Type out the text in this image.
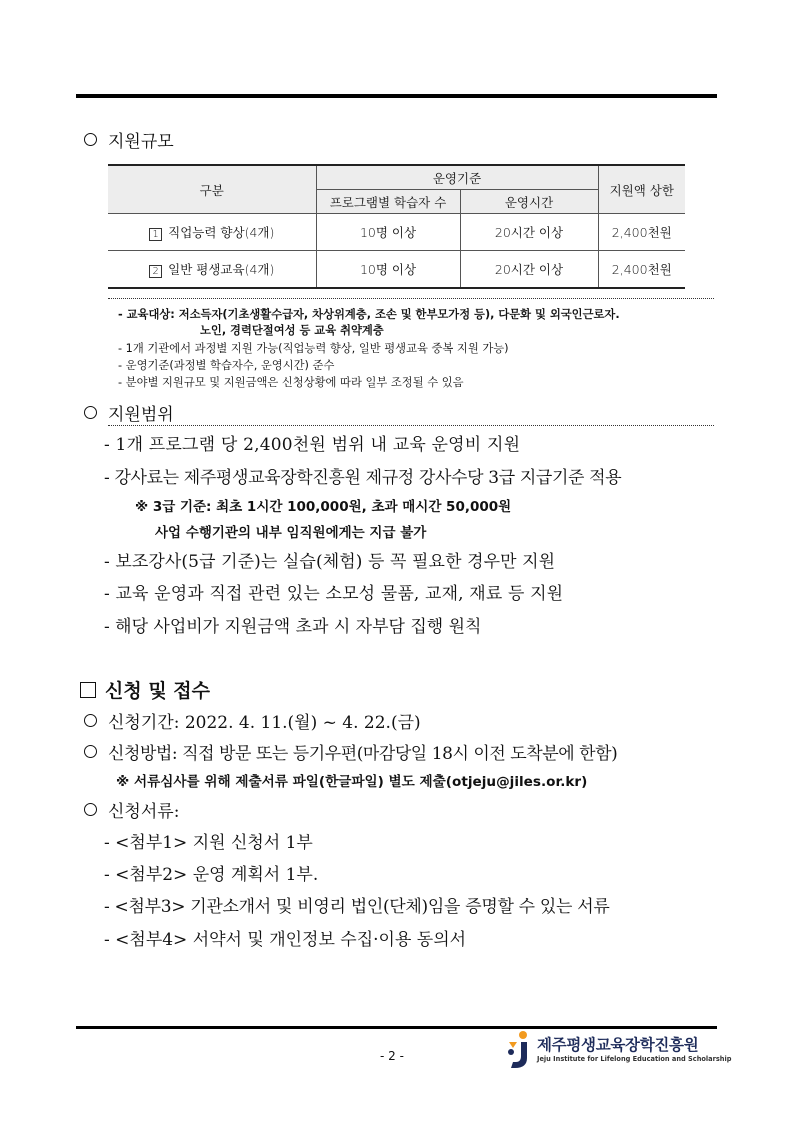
지원규모
구분	운영기준		지원액 상한
	프로그램별 학습자 수	운영시간	
1 직업능력 향상(4개)	10명 이상	20시간 이상	2,400천원
2 일반 평생교육(4개)	10명 이상	20시간 이상	2,400천원
- 교육대상: 저소득자(기초생활수급자, 차상위계층, 조손 및 한부모가정 등), 다문화 및 외국인근로자.
노인, 경력단절여성 등 교육 취약계층
- 1개 기관에서 과정별 지원 가능(직업능력 향상, 일반 평생교육 중복 지원 가능)
- 운영기준(과정별 학습자수, 운영시간) 준수
- 분야별 지원규모 및 지원금액은 신청상황에 따라 일부 조정될 수 있음
지원범위
- 1개 프로그램 당 2,400천원 범위 내 교육 운영비 지원
- 강사료는 제주평생교육장학진흥원 제규정 강사수당 3급 지급기준 적용
※ 3급 기준: 최초 1시간 100,000원, 초과 매시간 50,000원
사업 수행기관의 내부 임직원에게는 지급 불가
- 보조강사(5급 기준)는 실습(체험) 등 꼭 필요한 경우만 지원
- 교육 운영과 직접 관련 있는 소모성 물품, 교재, 재료 등 지원
- 해당 사업비가 지원금액 초과 시 자부담 집행 원칙
신청 및 접수
신청기간: 2022. 4. 11.(월) ~ 4. 22.(금)
신청방법: 직접 방문 또는 등기우편(마감당일 18시 이전 도착분에 한함)
※ 서류심사를 위해 제출서류 파일(한글파일) 별도 제출(otjeju@jiles.or.kr)
신청서류:
- <첨부1> 지원 신청서 1부
- <첨부2> 운영 계획서 1부.
- <첨부3> 기관소개서 및 비영리 법인(단체)임을 증명할 수 있는 서류
- <첨부4> 서약서 및 개인정보 수집·이용 동의서
- 2 -
제주평생교육장학진흥원
Jeju Institute for Lifelong Education and Scholarship
